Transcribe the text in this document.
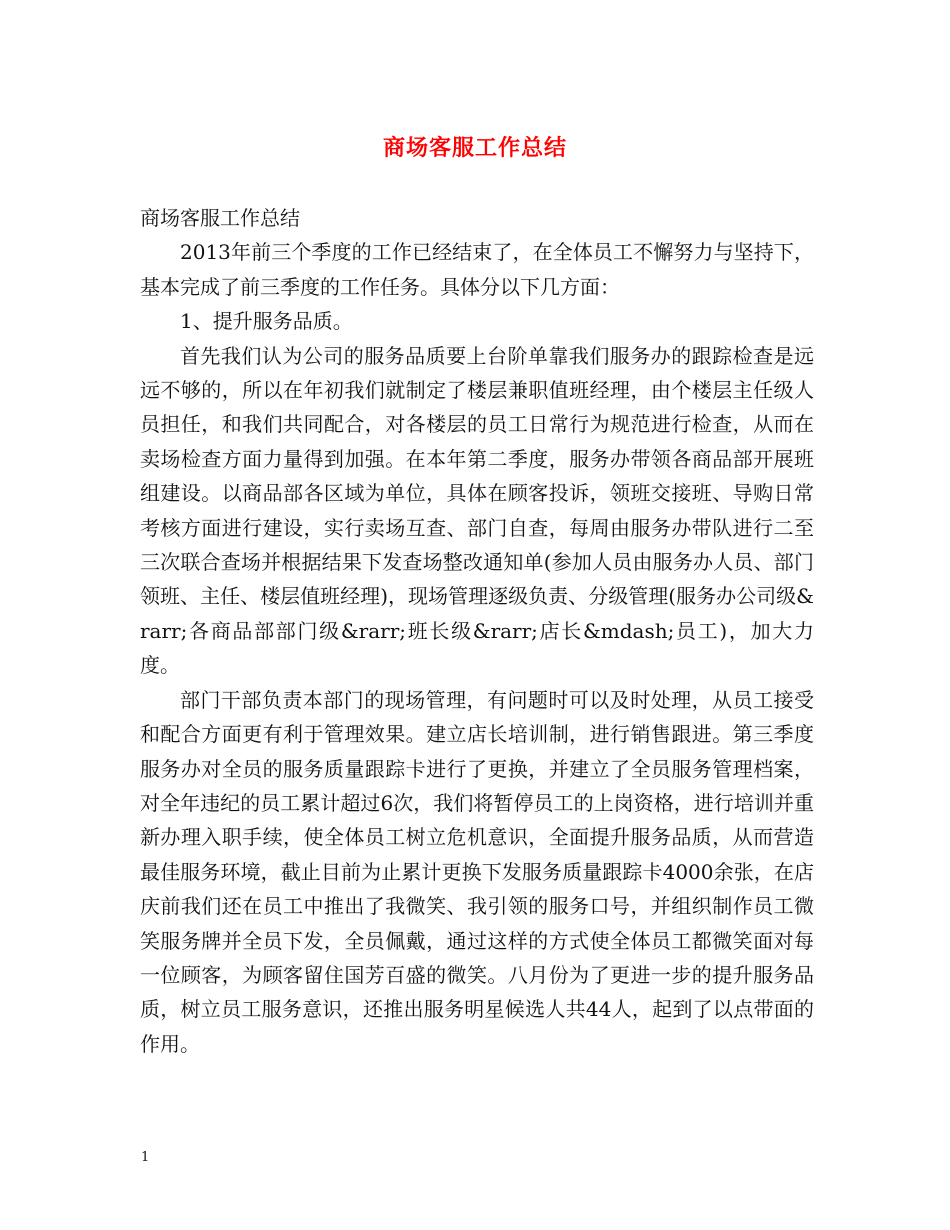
商场客服工作总结

商场客服工作总结

2013年前三个季度的工作已经结束了，在全体员工不懈努力与坚持下，基本完成了前三季度的工作任务。具体分以下几方面：

1、提升服务品质。

首先我们认为公司的服务品质要上台阶单靠我们服务办的跟踪检查是远远不够的，所以在年初我们就制定了楼层兼职值班经理，由个楼层主任级人员担任，和我们共同配合，对各楼层的员工日常行为规范进行检查，从而在卖场检查方面力量得到加强。在本年第二季度，服务办带领各商品部开展班组建设。以商品部各区域为单位，具体在顾客投诉，领班交接班、导购日常考核方面进行建设，实行卖场互查、部门自查，每周由服务办带队进行二至三次联合查场并根据结果下发查场整改通知单(参加人员由服务办人员、部门领班、主任、楼层值班经理)，现场管理逐级负责、分级管理(服务办公司级&rarr;各商品部部门级&rarr;班长级&rarr;店长&mdash;员工)，加大力度。

部门干部负责本部门的现场管理，有问题时可以及时处理，从员工接受和配合方面更有利于管理效果。建立店长培训制，进行销售跟进。第三季度服务办对全员的服务质量跟踪卡进行了更换，并建立了全员服务管理档案，对全年违纪的员工累计超过6次，我们将暂停员工的上岗资格，进行培训并重新办理入职手续，使全体员工树立危机意识，全面提升服务品质，从而营造最佳服务环境，截止目前为止累计更换下发服务质量跟踪卡4000余张，在店庆前我们还在员工中推出了我微笑、我引领的服务口号，并组织制作员工微笑服务牌并全员下发，全员佩戴，通过这样的方式使全体员工都微笑面对每一位顾客，为顾客留住国芳百盛的微笑。八月份为了更进一步的提升服务品质，树立员工服务意识，还推出服务明星候选人共44人，起到了以点带面的作用。

1
